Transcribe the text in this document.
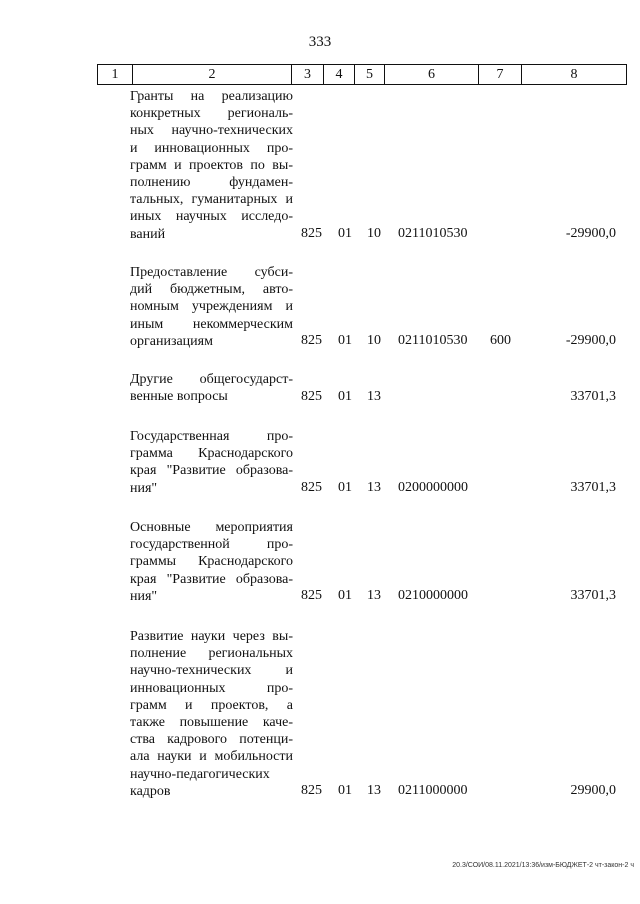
333
1	2	3	4	5	6	7	8
Гранты на реализацию
конкретных региональ-
ных научно-технических
и инновационных про-
грамм и проектов по вы-
полнению фундамен-
тальных, гуманитарных и
иных научных исследо-
ваний	825 01 10 0211010530	-29900,0
Предоставление субси-
дий бюджетным, авто-
номным учреждениям и
иным некоммерческим
организациям	825 01 10 0211010530 600	-29900,0
Другие общегосударст-
венные вопросы	825 01 13	33701,3
Государственная про-
грамма Краснодарского
края "Развитие образова-
ния"	825 01 13 0200000000	33701,3
Основные мероприятия
государственной про-
граммы Краснодарского
края "Развитие образова-
ния"	825 01 13 0210000000	33701,3
Развитие науки через вы-
полнение региональных
научно-технических и
инновационных про-
грамм и проектов, а
также повышение каче-
ства кадрового потенци-
ала науки и мобильности
научно-педагогических
кадров	825 01 13 0211000000	29900,0
20.3/СОИ/08.11.2021/13:36/изм-БЮДЖЕТ-2 чт-закон-2 ч
